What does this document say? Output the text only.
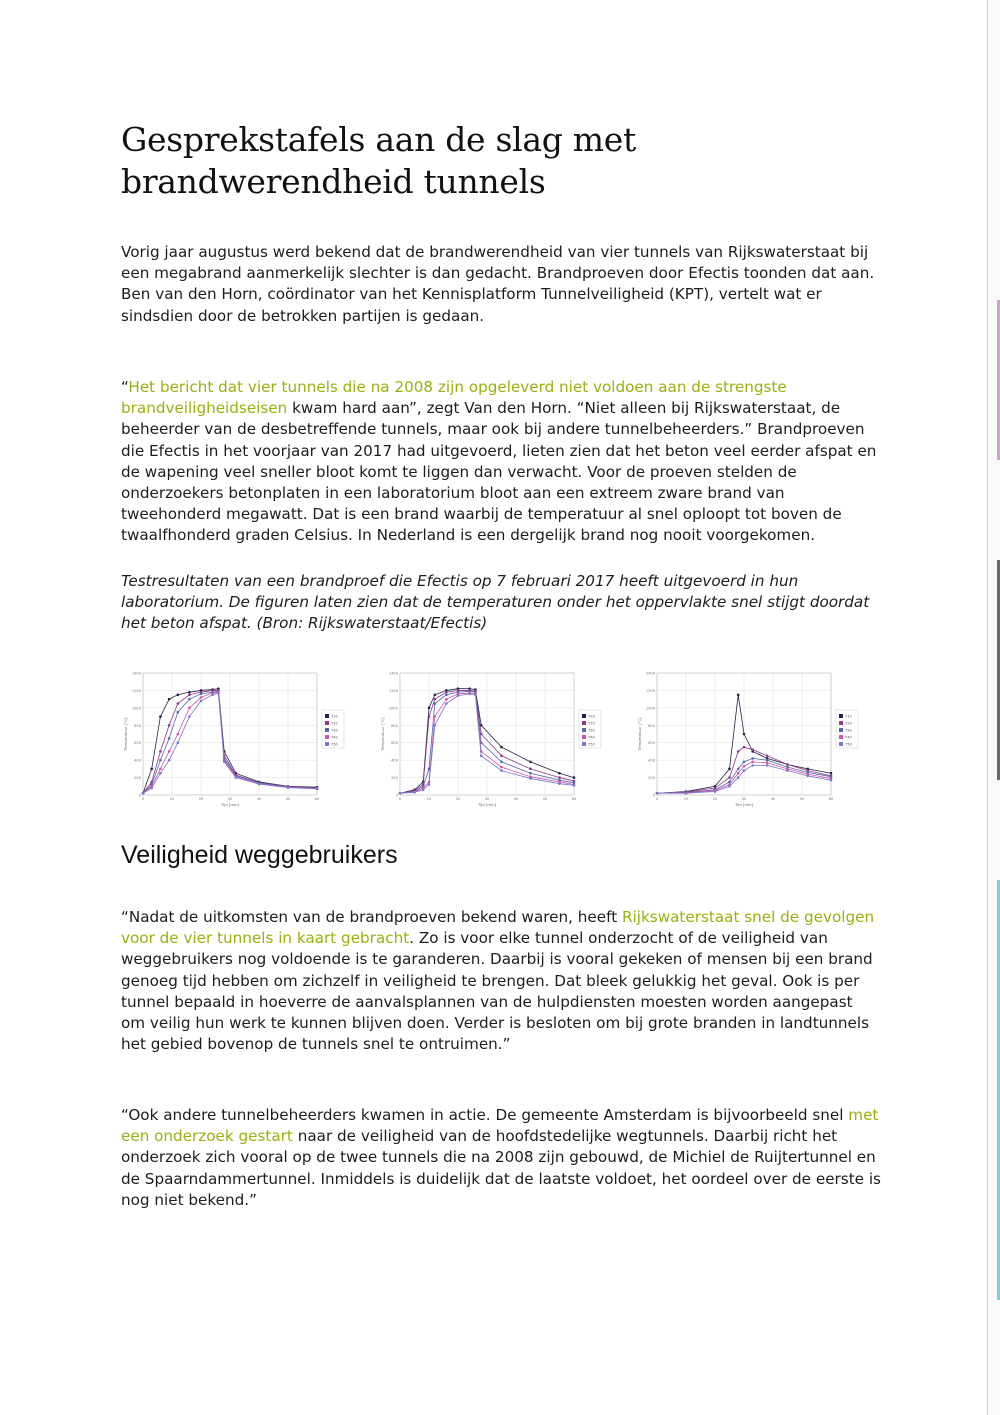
Gesprekstafels aan de slag met brandwerendheid tunnels

Vorig jaar augustus werd bekend dat de brandwerendheid van vier tunnels van Rijkswaterstaat bij een megabrand aanmerkelijk slechter is dan gedacht. Brandproeven door Efectis toonden dat aan. Ben van den Horn, coördinator van het Kennisplatform Tunnelveiligheid (KPT), vertelt wat er sindsdien door de betrokken partijen is gedaan.

“Het bericht dat vier tunnels die na 2008 zijn opgeleverd niet voldoen aan de strengste brandveiligheidseisen kwam hard aan”, zegt Van den Horn. “Niet alleen bij Rijkswaterstaat, de beheerder van de desbetreffende tunnels, maar ook bij andere tunnelbeheerders.” Brandproeven die Efectis in het voorjaar van 2017 had uitgevoerd, lieten zien dat het beton veel eerder afspat en de wapening veel sneller bloot komt te liggen dan verwacht. Voor de proeven stelden de onderzoekers betonplaten in een laboratorium bloot aan een extreem zware brand van tweehonderd megawatt. Dat is een brand waarbij de temperatuur al snel oploopt tot boven de twaalfhonderd graden Celsius. In Nederland is een dergelijk brand nog nooit voorgekomen.

Testresultaten van een brandproef die Efectis op 7 februari 2017 heeft uitgevoerd in hun laboratorium. De figuren laten zien dat de temperaturen onder het oppervlakte snel stijgt doordat het beton afspat. (Bron: Rijkswaterstaat/Efectis)

0
200
400
600
800
1000
1200
1400
0	10	20	30	40	50	60
Tijd [min]
Temperatuur [°C]
T10
T20
T30
T40
T50
0
200
400
600
800
1000
1200
1400
0	10	20	30	40	50	60
Tijd [min]
Temperatuur [°C]
T10
T20
T30
T40
T50
0
200
400
600
800
1000
1200
1400
0	10	20	30	40	50	60
Tijd [min]
Temperatuur [°C]
T10
T20
T30
T40
T50
Veiligheid weggebruikers

“Nadat de uitkomsten van de brandproeven bekend waren, heeft Rijkswaterstaat snel de gevolgen voor de vier tunnels in kaart gebracht. Zo is voor elke tunnel onderzocht of de veiligheid van weggebruikers nog voldoende is te garanderen. Daarbij is vooral gekeken of mensen bij een brand genoeg tijd hebben om zichzelf in veiligheid te brengen. Dat bleek gelukkig het geval. Ook is per tunnel bepaald in hoeverre de aanvalsplannen van de hulpdiensten moesten worden aangepast om veilig hun werk te kunnen blijven doen. Verder is besloten om bij grote branden in landtunnels het gebied bovenop de tunnels snel te ontruimen.”

“Ook andere tunnelbeheerders kwamen in actie. De gemeente Amsterdam is bijvoorbeeld snel met een onderzoek gestart naar de veiligheid van de hoofdstedelijke wegtunnels. Daarbij richt het onderzoek zich vooral op de twee tunnels die na 2008 zijn gebouwd, de Michiel de Ruijtertunnel en de Spaarndammertunnel. Inmiddels is duidelijk dat de laatste voldoet, het oordeel over de eerste is nog niet bekend.”
